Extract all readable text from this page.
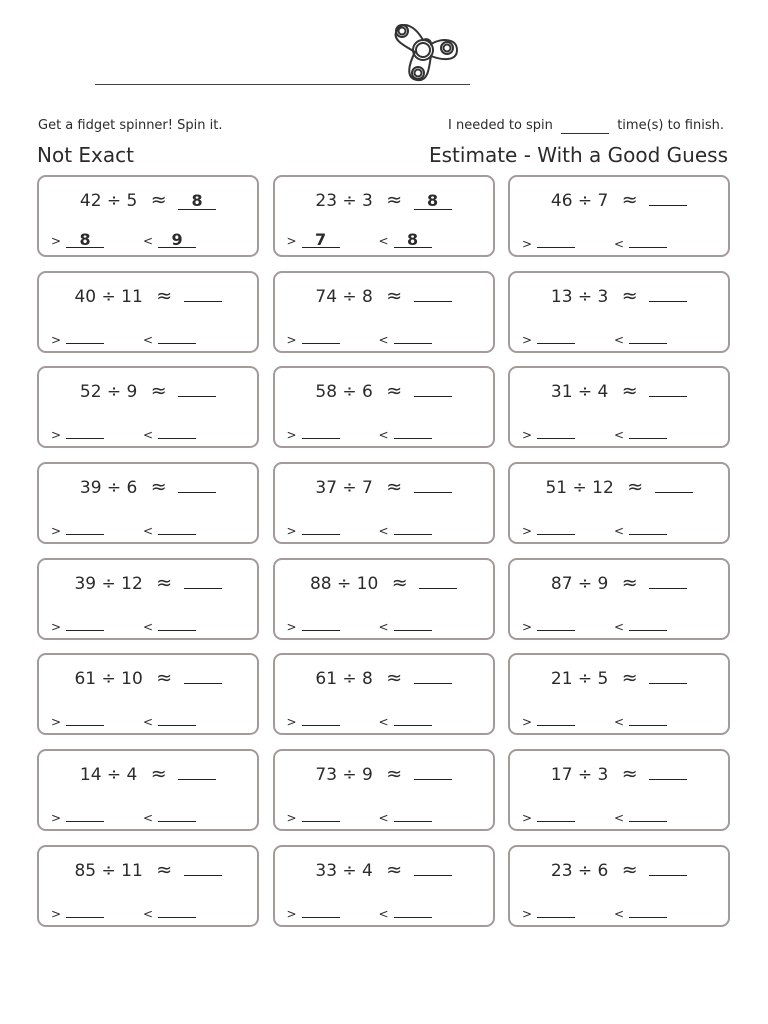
Get a fidget spinner! Spin it.	I needed to spin	time(s) to finish.
Not Exact	Estimate - With a Good Guess
42 ÷ 5 ≈ 8
> 8	< 9
23 ÷ 3 ≈ 8
> 7	< 8
46 ÷ 7 ≈
>	<
40 ÷ 11 ≈
>	<
74 ÷ 8 ≈
>	<
13 ÷ 3 ≈
>	<
52 ÷ 9 ≈
>	<
58 ÷ 6 ≈
>	<
31 ÷ 4 ≈
>	<
39 ÷ 6 ≈
>	<
37 ÷ 7 ≈
>	<
51 ÷ 12 ≈
>	<
39 ÷ 12 ≈
>	<
88 ÷ 10 ≈
>	<
87 ÷ 9 ≈
>	<
61 ÷ 10 ≈
>	<
61 ÷ 8 ≈
>	<
21 ÷ 5 ≈
>	<
14 ÷ 4 ≈
>	<
73 ÷ 9 ≈
>	<
17 ÷ 3 ≈
>	<
85 ÷ 11 ≈
>	<
33 ÷ 4 ≈
>	<
23 ÷ 6 ≈
>	<
